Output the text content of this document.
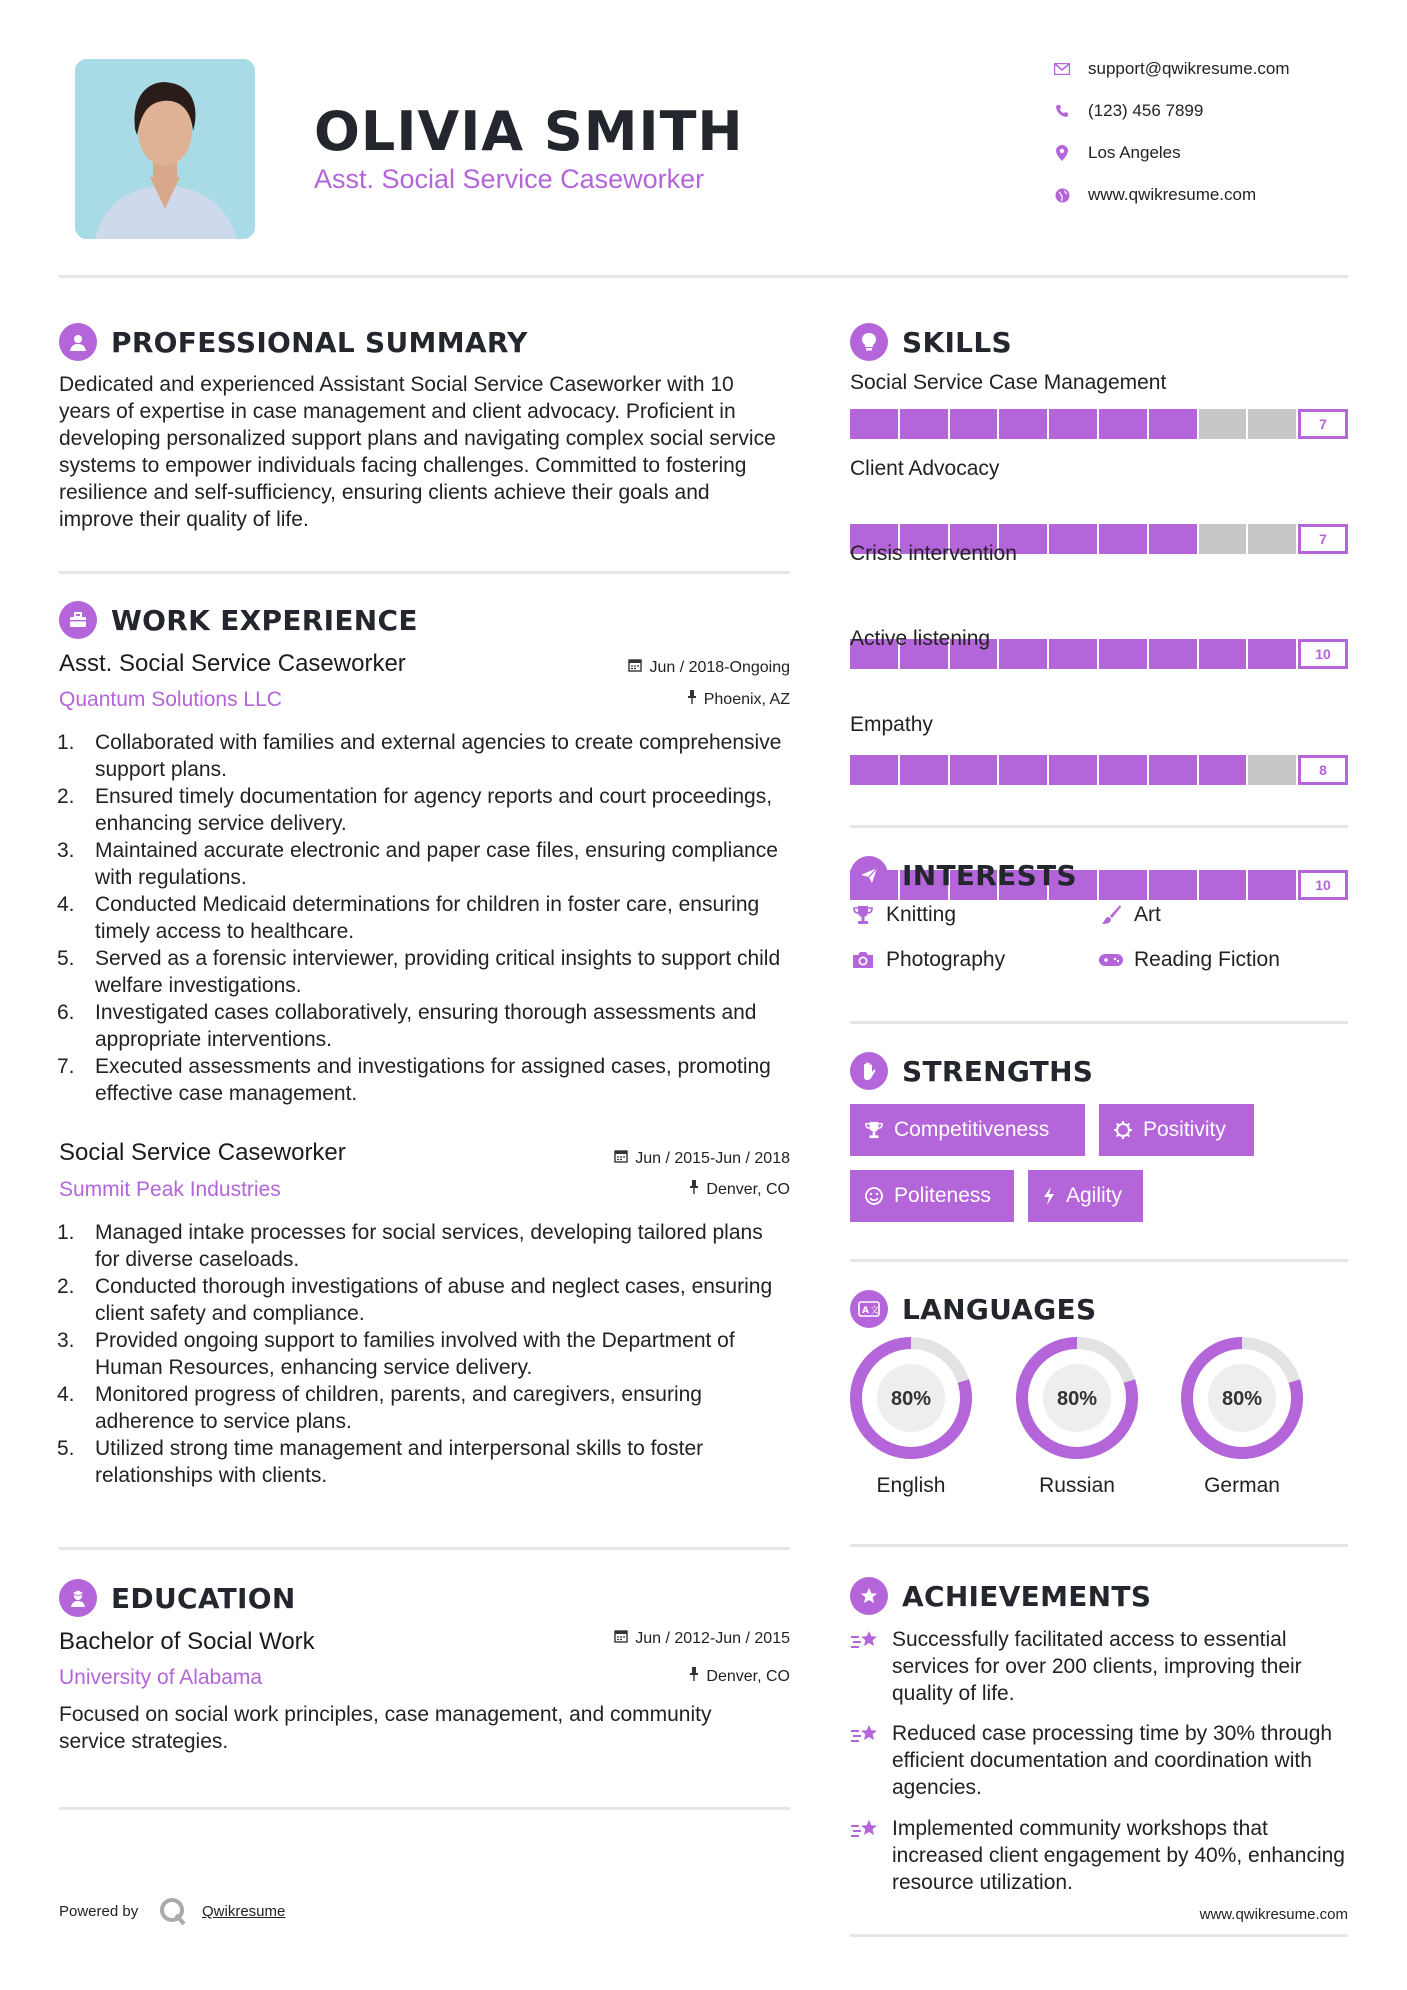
OLIVIA SMITH
Asst. Social Service Caseworker
support@qwikresume.com
(123) 456 7899
Los Angeles
www.qwikresume.com
PROFESSIONAL SUMMARY
Dedicated and experienced Assistant Social Service Caseworker with 10 years of expertise in case management and client advocacy. Proficient in developing personalized support plans and navigating complex social service systems to empower individuals facing challenges. Committed to fostering resilience and self-sufficiency, ensuring clients achieve their goals and improve their quality of life.
WORK EXPERIENCE
Asst. Social Service Caseworker	Jun / 2018-Ongoing
Quantum Solutions LLC	Phoenix, AZ
1. Collaborated with families and external agencies to create comprehensive support plans.
2. Ensured timely documentation for agency reports and court proceedings, enhancing service delivery.
3. Maintained accurate electronic and paper case files, ensuring compliance with regulations.
4. Conducted Medicaid determinations for children in foster care, ensuring timely access to healthcare.
5. Served as a forensic interviewer, providing critical insights to support child welfare investigations.
6. Investigated cases collaboratively, ensuring thorough assessments and appropriate interventions.
7. Executed assessments and investigations for assigned cases, promoting effective case management.
Social Service Caseworker	Jun / 2015-Jun / 2018
Summit Peak Industries	Denver, CO
1. Managed intake processes for social services, developing tailored plans for diverse caseloads.
2. Conducted thorough investigations of abuse and neglect cases, ensuring client safety and compliance.
3. Provided ongoing support to families involved with the Department of Human Resources, enhancing service delivery.
4. Monitored progress of children, parents, and caregivers, ensuring adherence to service plans.
5. Utilized strong time management and interpersonal skills to foster relationships with clients.
EDUCATION
Bachelor of Social Work	Jun / 2012-Jun / 2015
University of Alabama	Denver, CO
Focused on social work principles, case management, and community service strategies.
Powered by	Qwikresume
SKILLS
Social Service Case Management
7
Client Advocacy
7
Crisis intervention
10
Active listening
8
Empathy
10
INTERESTS
Knitting	Art
Photography	Reading Fiction
STRENGTHS
Competitiveness	Positivity
Politeness	Agility
A 文 LANGUAGES
80%
English
80%
Russian
80%
German
ACHIEVEMENTS
Successfully facilitated access to essential services for over 200 clients, improving their quality of life.
Reduced case processing time by 30% through efficient documentation and coordination with agencies.
Implemented community workshops that increased client engagement by 40%, enhancing resource utilization.
www.qwikresume.com
